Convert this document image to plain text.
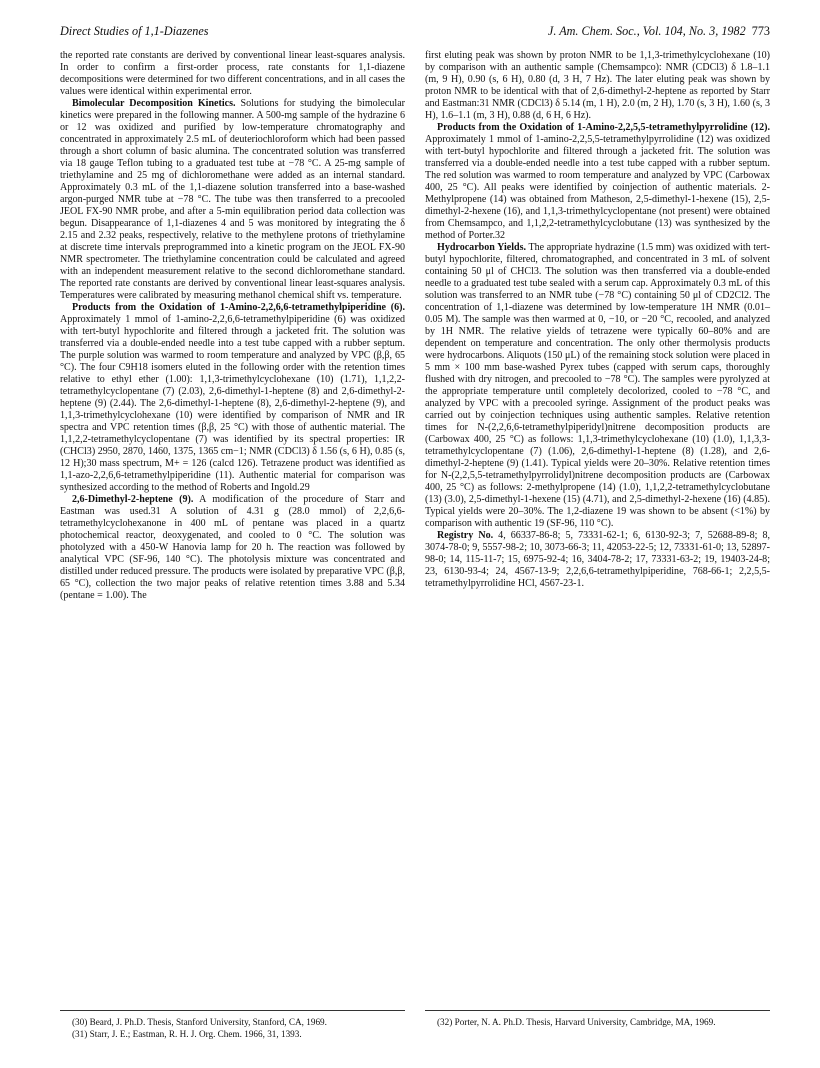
Direct Studies of 1,1-Diazenes	J. Am. Chem. Soc., Vol. 104, No. 3, 1982 773

the reported rate constants are derived by conventional linear least-squares analysis. In order to confirm a first-order process, rate constants for 1,1-diazene decompositions were determined for two different concentrations, and in all cases the values were identical within experimental error.

Bimolecular Decomposition Kinetics. Solutions for studying the bimolecular kinetics were prepared in the following manner. A 500-mg sample of the hydrazine 6 or 12 was oxidized and purified by low-temperature chromatography and concentrated in approximately 2.5 mL of deuteriochloroform which had been passed through a short column of basic alumina. The concentrated solution was transferred via 18 gauge Teflon tubing to a graduated test tube at −78 °C. A 25-mg sample of triethylamine and 25 mg of dichloromethane were added as an internal standard. Approximately 0.3 mL of the 1,1-diazene solution transferred into a base-washed argon-purged NMR tube at −78 °C. The tube was then transferred to a precooled JEOL FX-90 NMR probe, and after a 5-min equilibration period data collection was begun. Disappearance of 1,1-diazenes 4 and 5 was monitored by integrating the δ 2.15 and 2.32 peaks, respectively, relative to the methylene protons of triethylamine at discrete time intervals preprogrammed into a kinetic program on the JEOL FX-90 NMR spectrometer. The triethylamine concentration could be calculated and agreed with an independent measurement relative to the second dichloromethane standard. The reported rate constants are derived by conventional linear least-squares analysis. Temperatures were calibrated by measuring methanol chemical shift vs. temperature.

Products from the Oxidation of 1-Amino-2,2,6,6-tetramethylpiperidine (6). Approximately 1 mmol of 1-amino-2,2,6,6-tetramethylpiperidine (6) was oxidized with tert-butyl hypochlorite and filtered through a jacketed frit. The solution was transferred via a double-ended needle into a test tube capped with a rubber septum. The purple solution was warmed to room temperature and analyzed by VPC (β,β, 65 °C). The four C9H18 isomers eluted in the following order with the retention times relative to ethyl ether (1.00): 1,1,3-trimethylcyclohexane (10) (1.71), 1,1,2,2-tetramethylcyclopentane (7) (2.03), 2,6-dimethyl-1-heptene (8) and 2,6-dimethyl-2-heptene (9) (2.44). The 2,6-dimethyl-1-heptene (8), 2,6-dimethyl-2-heptene (9), and 1,1,3-trimethylcyclohexane (10) were identified by comparison of NMR and IR spectra and VPC retention times (β,β, 25 °C) with those of authentic material. The 1,1,2,2-tetramethylcyclopentane (7) was identified by its spectral properties: IR (CHCl3) 2950, 2870, 1460, 1375, 1365 cm−1; NMR (CDCl3) δ 1.56 (s, 6 H), 0.85 (s, 12 H);30 mass spectrum, M+ = 126 (calcd 126). Tetrazene product was identified as 1,1-azo-2,2,6,6-tetramethylpiperidine (11). Authentic material for comparison was synthesized according to the method of Roberts and Ingold.29

2,6-Dimethyl-2-heptene (9). A modification of the procedure of Starr and Eastman was used.31 A solution of 4.31 g (28.0 mmol) of 2,2,6,6-tetramethylcyclohexanone in 400 mL of pentane was placed in a quartz photochemical reactor, deoxygenated, and cooled to 0 °C. The solution was photolyzed with a 450-W Hanovia lamp for 20 h. The reaction was followed by analytical VPC (SF-96, 140 °C). The photolysis mixture was concentrated and distilled under reduced pressure. The products were isolated by preparative VPC (β,β, 65 °C), collection the two major peaks of relative retention times 3.88 and 5.34 (pentane = 1.00). The

first eluting peak was shown by proton NMR to be 1,1,3-trimethylcyclohexane (10) by comparison with an authentic sample (Chemsampco): NMR (CDCl3) δ 1.8–1.1 (m, 9 H), 0.90 (s, 6 H), 0.80 (d, 3 H, 7 Hz). The later eluting peak was shown by proton NMR to be identical with that of 2,6-dimethyl-2-heptene as reported by Starr and Eastman:31 NMR (CDCl3) δ 5.14 (m, 1 H), 2.0 (m, 2 H), 1.70 (s, 3 H), 1.60 (s, 3 H), 1.6–1.1 (m, 3 H), 0.88 (d, 6 H, 6 Hz).

Products from the Oxidation of 1-Amino-2,2,5,5-tetramethylpyrrolidine (12). Approximately 1 mmol of 1-amino-2,2,5,5-tetramethylpyrrolidine (12) was oxidized with tert-butyl hypochlorite and filtered through a jacketed frit. The solution was transferred via a double-ended needle into a test tube capped with a rubber septum. The red solution was warmed to room temperature and analyzed by VPC (Carbowax 400, 25 °C). All peaks were identified by coinjection of authentic materials. 2-Methylpropene (14) was obtained from Matheson, 2,5-dimethyl-1-hexene (15), 2,5-dimethyl-2-hexene (16), and 1,1,3-trimethylcyclopentane (not present) were obtained from Chemsampco, and 1,1,2,2-tetramethylcyclobutane (13) was synthesized by the method of Porter.32

Hydrocarbon Yields. The appropriate hydrazine (1.5 mm) was oxidized with tert-butyl hypochlorite, filtered, chromatographed, and concentrated in 3 mL of solvent containing 50 μl of CHCl3. The solution was then transferred via a double-ended needle to a graduated test tube sealed with a serum cap. Approximately 0.3 mL of this solution was transferred to an NMR tube (−78 °C) containing 50 μl of CD2Cl2. The concentration of 1,1-diazene was determined by low-temperature 1H NMR (0.01–0.05 M). The sample was then warmed at 0, −10, or −20 °C, recooled, and analyzed by 1H NMR. The relative yields of tetrazene were typically 60–80% and are dependent on temperature and concentration. The only other thermolysis products were hydrocarbons. Aliquots (150 μL) of the remaining stock solution were placed in 5 mm × 100 mm base-washed Pyrex tubes (capped with serum caps, thoroughly flushed with dry nitrogen, and precooled to −78 °C). The samples were pyrolyzed at the appropriate temperature until completely decolorized, cooled to −78 °C, and analyzed by VPC with a precooled syringe. Assignment of the product peaks was carried out by coinjection techniques using authentic samples. Relative retention times for N-(2,2,6,6-tetramethylpiperidyl)nitrene decomposition products are (Carbowax 400, 25 °C) as follows: 1,1,3-trimethylcyclohexane (10) (1.0), 1,1,3,3-tetramethylcyclopentane (7) (1.06), 2,6-dimethyl-1-heptene (8) (1.28), and 2,6-dimethyl-2-heptene (9) (1.41). Typical yields were 20–30%. Relative retention times for N-(2,2,5,5-tetramethylpyrrolidyl)nitrene decomposition products are (Carbowax 400, 25 °C) as follows: 2-methylpropene (14) (1.0), 1,1,2,2-tetramethylcyclobutane (13) (3.0), 2,5-dimethyl-1-hexene (15) (4.71), and 2,5-dimethyl-2-hexene (16) (4.85). Typical yields were 20–30%. The 1,2-diazene 19 was shown to be absent (<1%) by comparison with authentic 19 (SF-96, 110 °C).

Registry No. 4, 66337-86-8; 5, 73331-62-1; 6, 6130-92-3; 7, 52688-89-8; 8, 3074-78-0; 9, 5557-98-2; 10, 3073-66-3; 11, 42053-22-5; 12, 73331-61-0; 13, 52897-98-0; 14, 115-11-7; 15, 6975-92-4; 16, 3404-78-2; 17, 73331-63-2; 19, 19403-24-8; 23, 6130-93-4; 24, 4567-13-9; 2,2,6,6-tetramethylpiperidine, 768-66-1; 2,2,5,5-tetramethylpyrrolidine HCl, 4567-23-1.

(30) Beard, J. Ph.D. Thesis, Stanford University, Stanford, CA, 1969.

(31) Starr, J. E.; Eastman, R. H. J. Org. Chem. 1966, 31, 1393.

(32) Porter, N. A. Ph.D. Thesis, Harvard University, Cambridge, MA, 1969.
